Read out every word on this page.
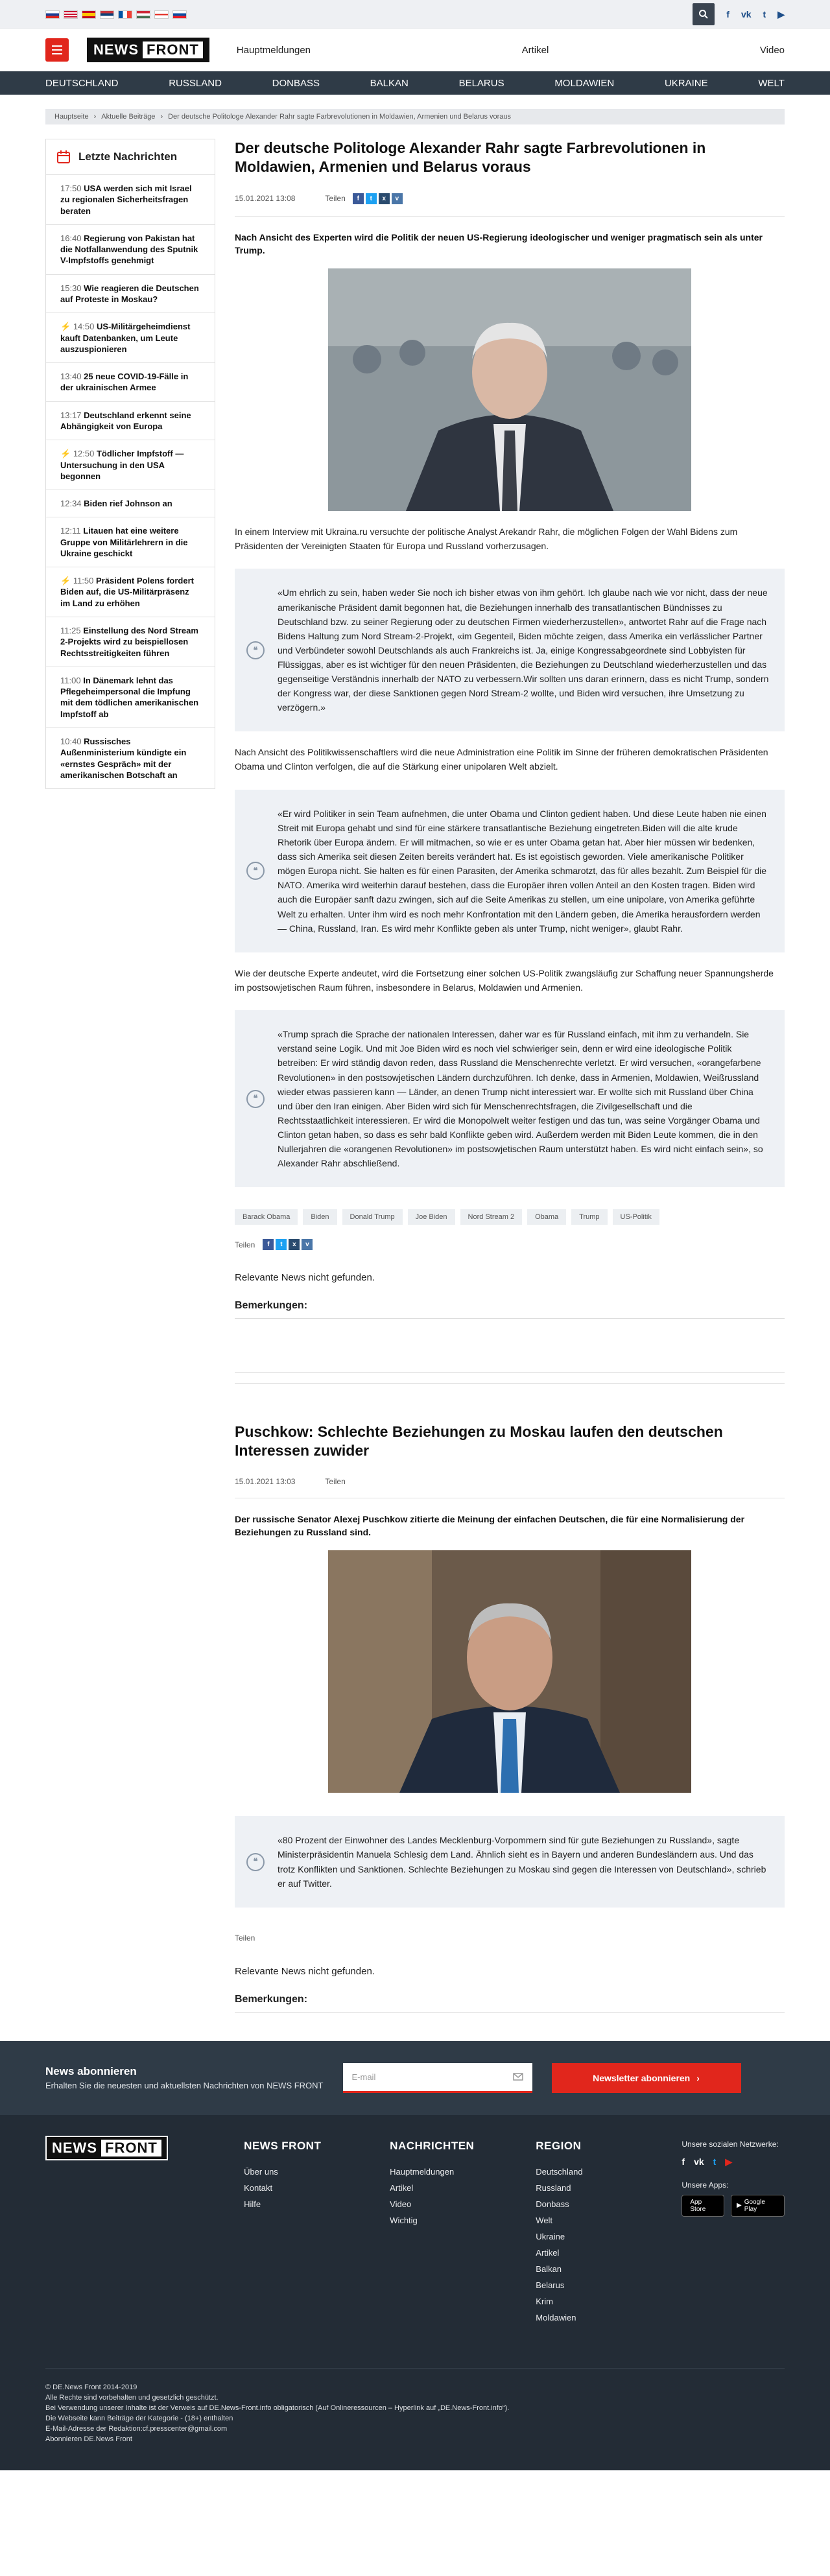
f vk t ▶
NEWS FRONT	Hauptmeldungen	Artikel	Video
DEUTSCHLAND	RUSSLAND	DONBASS	BALKAN	BELARUS	MOLDAWIEN	UKRAINE	WELT
Hauptseite › Aktuelle Beiträge › Der deutsche Politologe Alexander Rahr sagte Farbrevolutionen in Moldawien, Armenien und Belarus voraus
Letzte Nachrichten
17:50 USA werden sich mit Israel zu regionalen Sicherheitsfragen beraten
16:40 Regierung von Pakistan hat die Notfallanwendung des Sputnik V-Impfstoffs genehmigt
15:30 Wie reagieren die Deutschen auf Proteste in Moskau?
⚡ 14:50 US-Militärgeheimdienst kauft Datenbanken, um Leute auszuspionieren
13:40 25 neue COVID-19-Fälle in der ukrainischen Armee
13:17 Deutschland erkennt seine Abhängigkeit von Europa
⚡ 12:50 Tödlicher Impfstoff — Untersuchung in den USA begonnen
12:34 Biden rief Johnson an
12:11 Litauen hat eine weitere Gruppe von Militärlehrern in die Ukraine geschickt
⚡ 11:50 Präsident Polens fordert Biden auf, die US-Militärpräsenz im Land zu erhöhen
11:25 Einstellung des Nord Stream 2-Projekts wird zu beispiellosen Rechtsstreitigkeiten führen
11:00 In Dänemark lehnt das Pflegeheimpersonal die Impfung mit dem tödlichen amerikanischen Impfstoff ab
10:40 Russisches Außenministerium kündigte ein «ernstes Gespräch» mit der amerikanischen Botschaft an
Der deutsche Politologe Alexander Rahr sagte Farbrevolutionen in Moldawien, Armenien und Belarus voraus
15.01.2021 13:08	Teilen	f	t	x	v
Nach Ansicht des Experten wird die Politik der neuen US-Regierung ideologischer und weniger pragmatisch sein als unter Trump.

In einem Interview mit Ukraina.ru versuchte der politische Analyst Arekandr Rahr, die möglichen Folgen der Wahl Bidens zum Präsidenten der Vereinigten Staaten für Europa und Russland vorherzusagen.

❝
«Um ehrlich zu sein, haben weder Sie noch ich bisher etwas von ihm gehört. Ich glaube nach wie vor nicht, dass der neue amerikanische Präsident damit begonnen hat, die Beziehungen innerhalb des transatlantischen Bündnisses zu Deutschland bzw. zu seiner Regierung oder zu deutschen Firmen wiederherzustellen», antwortet Rahr auf die Frage nach Bidens Haltung zum Nord Stream-2-Projekt, «im Gegenteil, Biden möchte zeigen, dass Amerika ein verlässlicher Partner und Verbündeter sowohl Deutschlands als auch Frankreichs ist. Ja, einige Kongressabgeordnete sind Lobbyisten für Flüssiggas, aber es ist wichtiger für den neuen Präsidenten, die Beziehungen zu Deutschland wiederherzustellen und das gegenseitige Verständnis innerhalb der NATO zu verbessern.Wir sollten uns daran erinnern, dass es nicht Trump, sondern der Kongress war, der diese Sanktionen gegen Nord Stream-2 wollte, und Biden wird versuchen, ihre Umsetzung zu verzögern.»

Nach Ansicht des Politikwissenschaftlers wird die neue Administration eine Politik im Sinne der früheren demokratischen Präsidenten Obama und Clinton verfolgen, die auf die Stärkung einer unipolaren Welt abzielt.

❝
«Er wird Politiker in sein Team aufnehmen, die unter Obama und Clinton gedient haben. Und diese Leute haben nie einen Streit mit Europa gehabt und sind für eine stärkere transatlantische Beziehung eingetreten.Biden will die alte krude Rhetorik über Europa ändern. Er will mitmachen, so wie er es unter Obama getan hat. Aber hier müssen wir bedenken, dass sich Amerika seit diesen Zeiten bereits verändert hat. Es ist egoistisch geworden. Viele amerikanische Politiker mögen Europa nicht. Sie halten es für einen Parasiten, der Amerika schmarotzt, das für alles bezahlt. Zum Beispiel für die NATO. Amerika wird weiterhin darauf bestehen, dass die Europäer ihren vollen Anteil an den Kosten tragen. Biden wird auch die Europäer sanft dazu zwingen, sich auf die Seite Amerikas zu stellen, um eine unipolare, von Amerika geführte Welt zu erhalten. Unter ihm wird es noch mehr Konfrontation mit den Ländern geben, die Amerika herausfordern werden — China, Russland, Iran. Es wird mehr Konflikte geben als unter Trump, nicht weniger», glaubt Rahr.

Wie der deutsche Experte andeutet, wird die Fortsetzung einer solchen US-Politik zwangsläufig zur Schaffung neuer Spannungsherde im postsowjetischen Raum führen, insbesondere in Belarus, Moldawien und Armenien.

❝
«Trump sprach die Sprache der nationalen Interessen, daher war es für Russland einfach, mit ihm zu verhandeln. Sie verstand seine Logik. Und mit Joe Biden wird es noch viel schwieriger sein, denn er wird eine ideologische Politik betreiben: Er wird ständig davon reden, dass Russland die Menschenrechte verletzt. Er wird versuchen, «orangefarbene Revolutionen» in den postsowjetischen Ländern durchzuführen. Ich denke, dass in Armenien, Moldawien, Weißrussland wieder etwas passieren kann — Länder, an denen Trump nicht interessiert war. Er wollte sich mit Russland über China und über den Iran einigen. Aber Biden wird sich für Menschenrechtsfragen, die Zivilgesellschaft und die Rechtsstaatlichkeit interessieren. Er wird die Monopolwelt weiter festigen und das tun, was seine Vorgänger Obama und Clinton getan haben, so dass es sehr bald Konflikte geben wird. Außerdem werden mit Biden Leute kommen, die in den Nullerjahren die «orangenen Revolutionen» im postsowjetischen Raum unterstützt haben. Es wird nicht einfach sein», so Alexander Rahr abschließend.
Barack Obama	Biden	Donald Trump	Joe Biden	Nord Stream 2	Obama	Trump	US-Politik
Teilen	f	t	x	v
Relevante News nicht gefunden.
Bemerkungen:
Puschkow: Schlechte Beziehungen zu Moskau laufen den deutschen Interessen zuwider
15.01.2021 13:03	Teilen
Der russische Senator Alexej Puschkow zitierte die Meinung der einfachen Deutschen, die für eine Normalisierung der Beziehungen zu Russland sind.
❝
«80 Prozent der Einwohner des Landes Mecklenburg-Vorpommern sind für gute Beziehungen zu Russland», sagte Ministerpräsidentin Manuela Schlesig dem Land. Ähnlich sieht es in Bayern und anderen Bundesländern aus. Und das trotz Konflikten und Sanktionen. Schlechte Beziehungen zu Moskau sind gegen die Interessen von Deutschland», schrieb er auf Twitter.
Teilen
Relevante News nicht gefunden.
Bemerkungen:
News abonnieren
Erhalten Sie die neuesten und aktuellsten Nachrichten von NEWS FRONT
E-mail	Newsletter abonnieren ›
NEWS FRONT	NEWS FRONT
Über uns
Kontakt
Hilfe
NACHRICHTEN
Hauptmeldungen
Artikel
Video
Wichtig
REGION
Deutschland
Russland
Donbass
Welt
Ukraine
Artikel
Balkan
Belarus
Krim
Moldawien
Unsere sozialen Netzwerke:
f vk t ▶
Unsere Apps:
App Store	▶ Google Play
© DE.News Front 2014-2019
Alle Rechte sind vorbehalten und gesetzlich geschützt.
Bei Verwendung unserer Inhalte ist der Verweis auf DE.News-Front.info obligatorisch (Auf Onlineressourcen – Hyperlink auf „DE.News-Front.info“).
Die Webseite kann Beiträge der Kategorie - (18+) enthalten
E-Mail-Adresse der Redaktion:cf.presscenter@gmail.com
Abonnieren DE.News Front
